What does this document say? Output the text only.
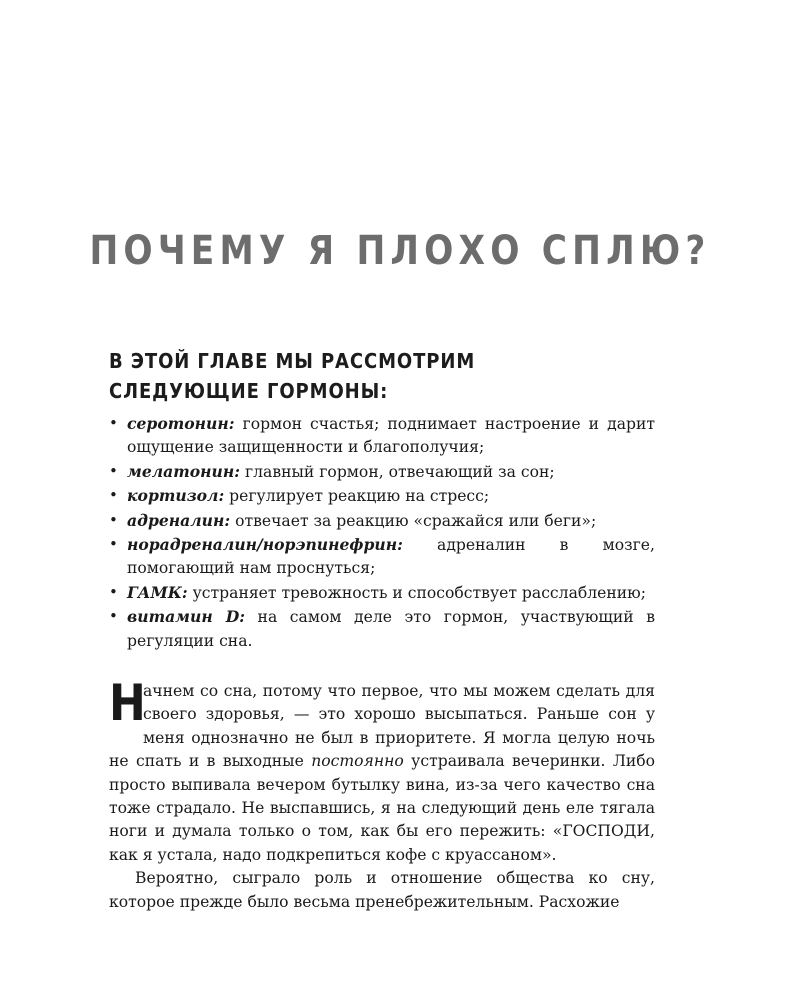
ПОЧЕМУ Я ПЛОХО СПЛЮ?
В ЭТОЙ ГЛАВЕ МЫ РАССМОТРИМ
СЛЕДУЮЩИЕ ГОРМОНЫ:
• серотонин: гормон счастья; поднимает настроение и дарит ощущение защищенности и благополучия;
• мелатонин: главный гормон, отвечающий за сон;
• кортизол: регулирует реакцию на стресс;
• адреналин: отвечает за реакцию «сражайся или беги»;
• норадреналин/норэпинефрин: адреналин в мозге, помогающий нам проснуться;
• ГАМК: устраняет тревожность и способствует расслаблению;
• витамин D: на самом деле это гормон, участвующий в регуляции сна.

Н
ачнем со сна, потому что первое, что мы можем сделать для своего здоровья, — это хорошо высыпаться. Раньше сон у меня однозначно не был в приоритете. Я могла целую ночь не спать и в выходные постоянно устраивала вечеринки. Либо просто выпивала вечером бутылку вина, из-за чего качество сна тоже страдало. Не выспавшись, я на следующий день еле тягала ноги и думала только о том, как бы его пережить: «ГОСПОДИ, как я устала, надо подкрепиться кофе с круассаном».

Вероятно, сыграло роль и отношение общества ко сну, которое прежде было весьма пренебрежительным. Расхожие
